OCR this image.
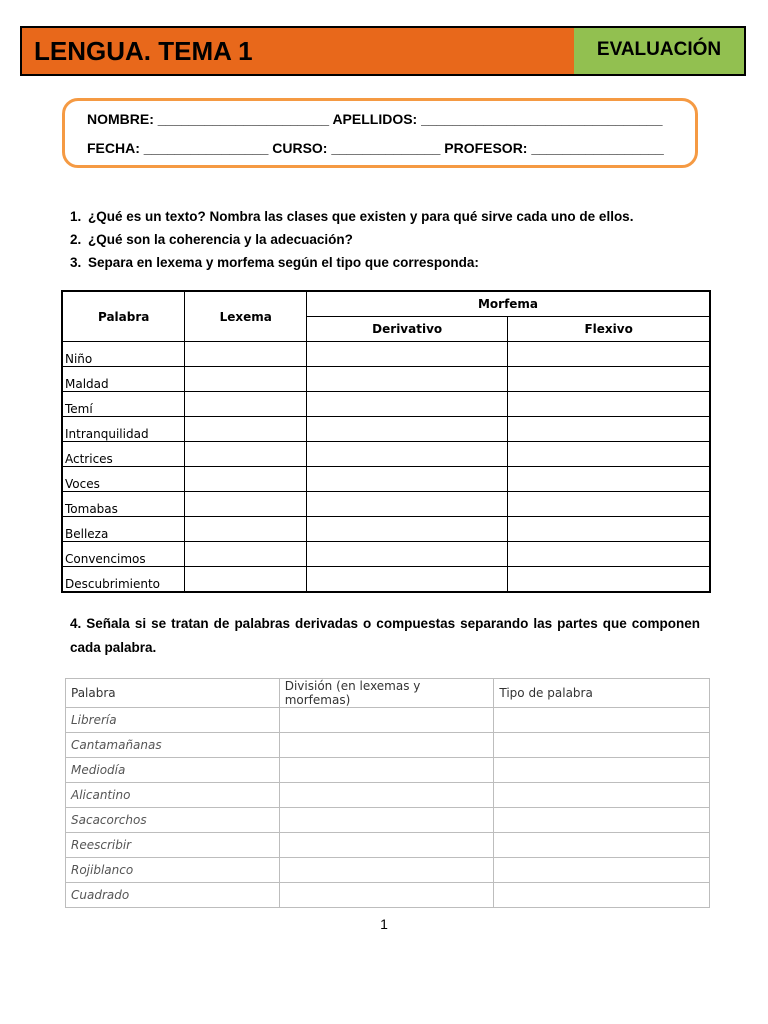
LENGUA. TEMA 1	EVALUACIÓN
NOMBRE: ______________________ APELLIDOS: _______________________________
FECHA: ________________ CURSO: ______________ PROFESOR: _________________
1. ¿Qué es un texto? Nombra las clases que existen y para qué sirve cada uno de ellos.
2. ¿Qué son la coherencia y la adecuación?
3. Separa en lexema y morfema según el tipo que corresponda:
Palabra	Lexema	Morfema	
		Derivativo	Flexivo
Niño			
Maldad			
Temí			
Intranquilidad			
Actrices			
Voces			
Tomabas			
Belleza			
Convencimos			
Descubrimiento			
4. Señala si se tratan de palabras derivadas o compuestas separando las partes que componen cada palabra.
Palabra	División (en lexemas y morfemas)	Tipo de palabra
Librería		
Cantamañanas		
Mediodía		
Alicantino		
Sacacorchos		
Reescribir		
Rojiblanco		
Cuadrado		
1
